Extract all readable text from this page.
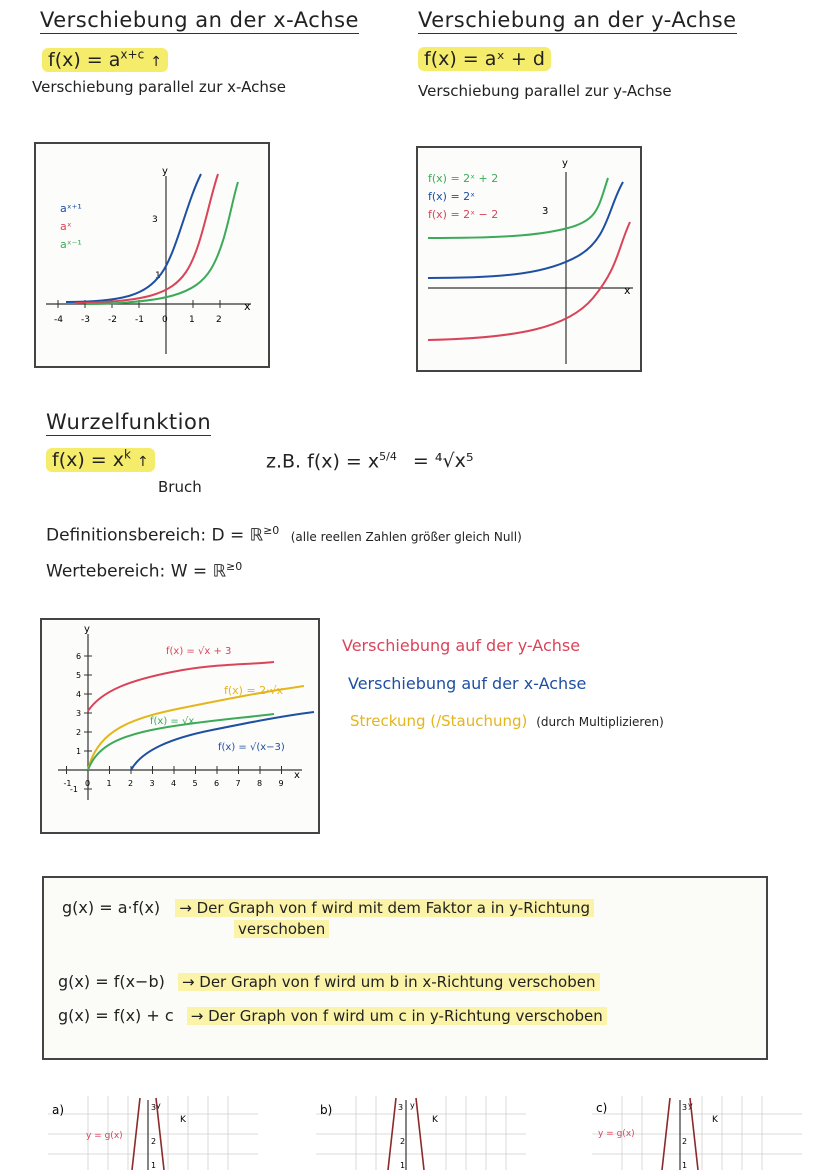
Verschiebung an der x-Achse
$f(x) = a^{x+c}$ ↑
Verschiebung parallel zur x-Achse
y
x
-4 -3 -2 -1 0 1 2
3
1
aˣ⁺¹
aˣ
aˣ⁻¹
Verschiebung an der y-Achse
f(x) = aˣ + d
Verschiebung parallel zur y-Achse
y
x
3
f(x) = 2ˣ + 2
f(x) = 2ˣ
f(x) = 2ˣ − 2
Wurzelfunktion
$f(x) = x^k$ ↑
Bruch
z.B. $f(x) = x^{5/4} = ^4√x^5$
Definitionsbereich: D = ℝ$^{\ge 0}$ (alle reellen Zahlen größer gleich Null)
Wertebereich: W = ℝ$^{\ge 0}$
y
x
-1 0 1 2 3 4 5 6 7 8 9
6
5
4
3
2
1
-1
f(x) = √x + 3
f(x) = 2·√x
f(x) = √x
f(x) = √(x−3)
Verschiebung auf der y-Achse
Verschiebung auf der x-Achse
Streckung (/Stauchung) (durch Multiplizieren)
g(x) = a·f(x) → Der Graph von f wird mit dem Faktor a in y-Richtung
verschoben
g(x) = f(x−b) → Der Graph von f wird um b in x-Richtung verschoben
g(x) = f(x) + c → Der Graph von f wird um c in y-Richtung verschoben
a)	3
2
1
y
y = g(x)
K
b)	3
2
1
y
K
c)	3
2
1
y
y = g(x)
K
